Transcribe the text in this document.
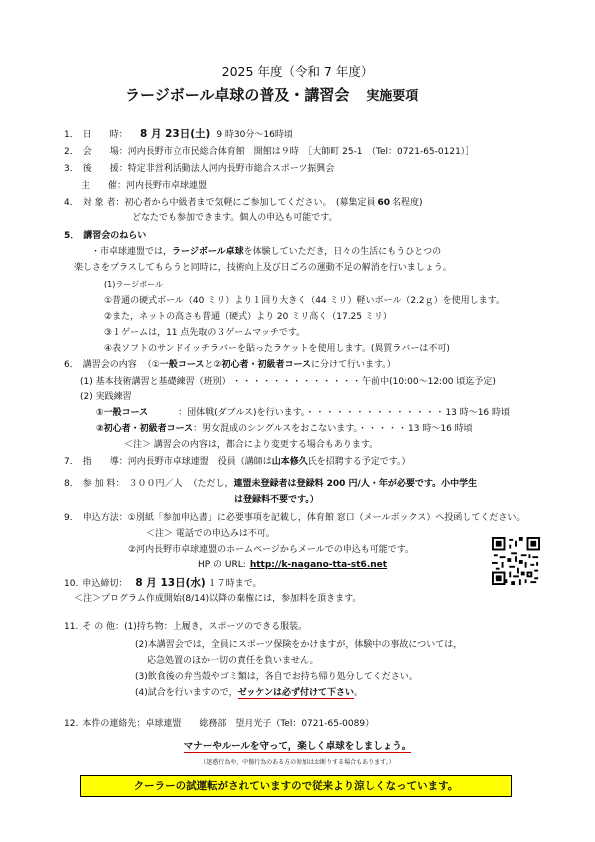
2025 年度（令和 7 年度）
ラージボール卓球の普及・講習会 実施要項
1． 日　　時： 8 月 23日(土) 9 時30分～16時頃
2． 会　　場：河内長野市立市民総合体育館　開館は９時　［大師町 25-1　（Tel：0721-65-0121）］
3． 後　　援：特定非営利活動法人河内長野市総合スポーツ振興会
主　　催：河内長野市卓球連盟
4． 対 象 者：初心者から中級者まで気軽にご参加してください。　(募集定員 60 名程度)
どなたでも参加できます。個人の申込も可能です。
5． 講習会のねらい
・市卓球連盟では，ラージボール卓球を体験していただき，日々の生活にもうひとつの
楽しさをプラスしてもらうと同時に，技術向上及び日ごろの運動不足の解消を行いましょう。
(1)ラージボール
①普通の硬式ボール（40 ミリ）より１回り大きく（44 ミリ）軽いボール（2.2ｇ）を使用します。
②また，ネットの高さも普通（硬式）より 20 ミリ高く（17.25 ミリ）
③１ゲームは，11 点先取の３ゲームマッチです。
④表ソフトのサンドイッチラバーを貼ったラケットを使用します。(異質ラバーは不可)
6． 講習会の内容 （①一般コースと②初心者・初級者コースに分けて行います。）
(1) 基本技術講習と基礎練習（班別） ・・・・・・・・・・・・・午前中(10:00～12:00 頃迄予定)
(2) 実践練習
①一般コース	：団体戦(ダブルス)を行います。・・・・・・・・・・・・・・13 時～16 時頃
②初心者・初級者コース：男女混成のシングルスをおこないます。・・・・・13 時～16 時頃
＜注＞ 講習会の内容は，都合により変更する場合もあります。
7． 指　　導：河内長野市卓球連盟　役員（講師は山本修久氏を招聘する予定です。）
8． 参 加 料： ３００円／人 （ただし，連盟未登録者は登録料 200 円/人・年が必要です。小中学生
は登録料不要です。）
9． 申込方法：①別紙「参加申込書」に必要事項を記載し，体育館 窓口（メールボックス）へ投函してください。
＜注＞ 電話での申込みは不可。
②河内長野市卓球連盟のホームページからメールでの申込も可能です。
HP の URL: http://k-nagano-tta-st6.net
10. 申込締切： 8 月 13日(水) １７時まで。
＜注＞プログラム作成開始(8/14)以降の棄権には，参加料を頂きます。
11. そ の 他：(1)持ち物：上履き，スポーツのできる服装。
(2)本講習会では，全員にスポーツ保険をかけますが，体験中の事故については，
応急処置のほか一切の責任を負いません。
(3)飲食後の弁当殻やゴミ類は，各自でお持ち帰り処分してください。
(4)試合を行いますので，ゼッケンは必ず付けて下さい。
12. 本件の連絡先：卓球連盟　　総務部　望月光子（Tel：0721-65-0089）
マナーやルールを守って，楽しく卓球をしましょう。
（迷惑行為や，中傷行為のある方の参加はお断りする場合もあります。）
クーラーの試運転がされていますので従来より涼しくなっています。
